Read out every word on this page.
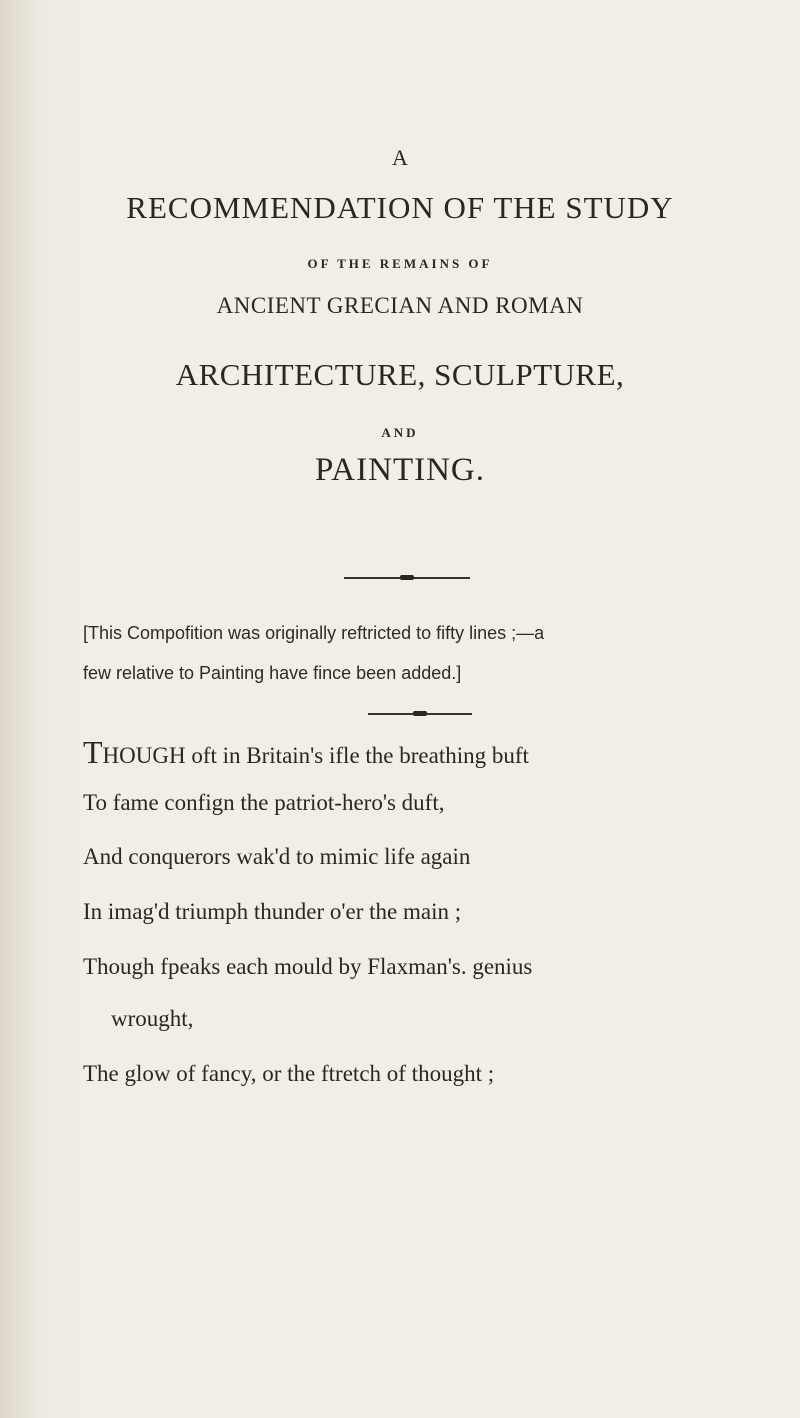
A
RECOMMENDATION OF THE STUDY
OF THE REMAINS OF
ANCIENT GRECIAN AND ROMAN
ARCHITECTURE, SCULPTURE,
AND
PAINTING.
[This Compofition was originally reftricted to fifty lines ;—a
few relative to Painting have fince been added.]
THOUGH oft in Britain's ifle the breathing buft
To fame confign the patriot-hero's duft,
And conquerors wak'd to mimic life again
In imag'd triumph thunder o'er the main ;
Though fpeaks each mould by Flaxman's. genius
wrought,
The glow of fancy, or the ftretch of thought ;
